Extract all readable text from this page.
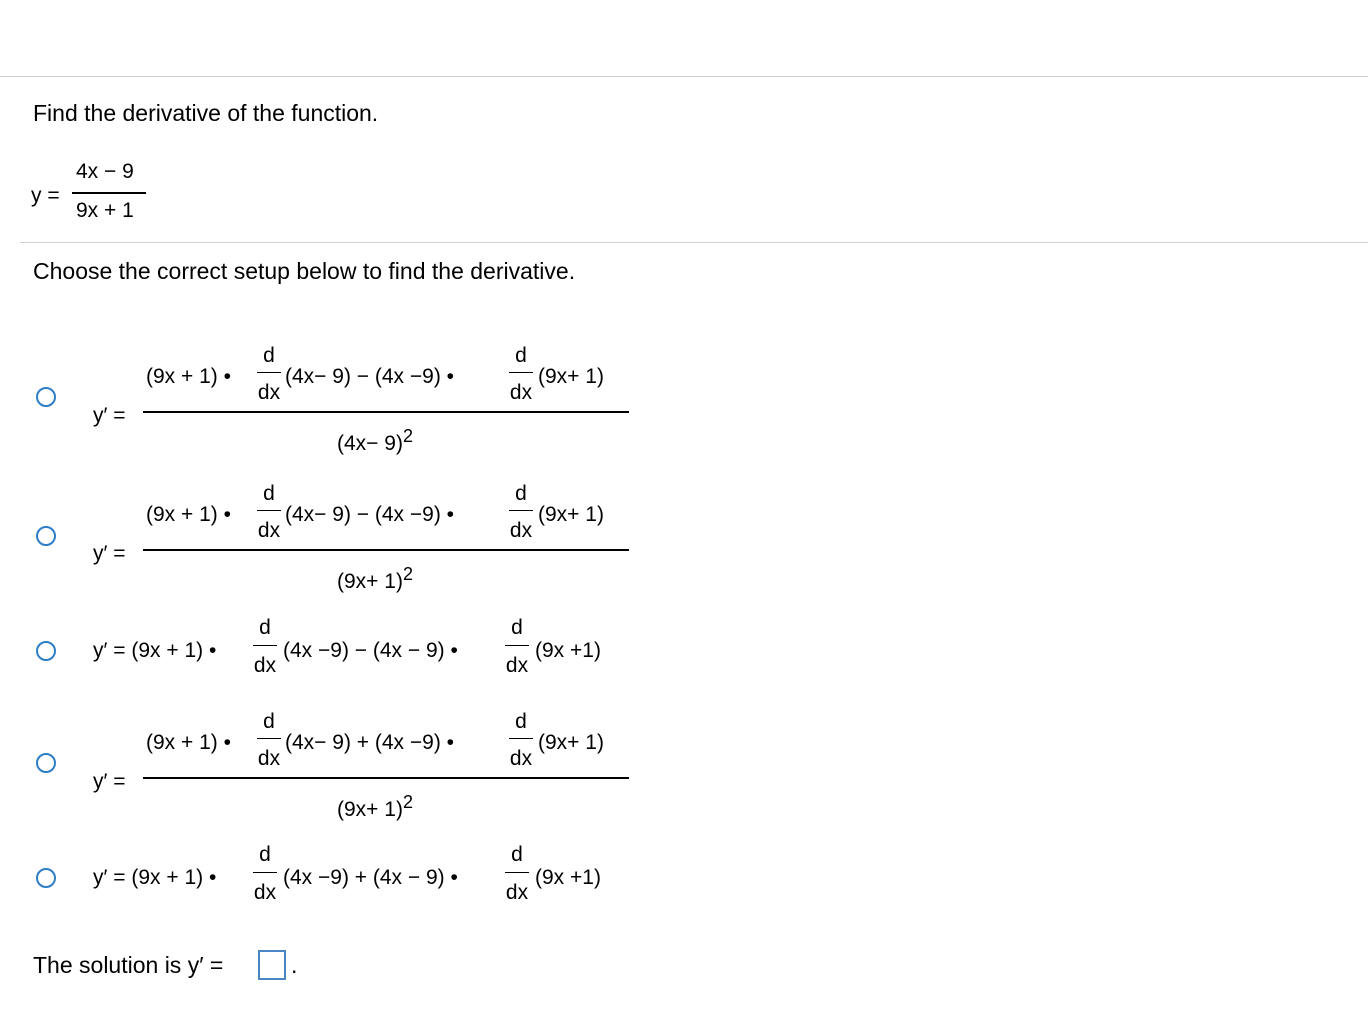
Find the derivative of the function.
y =
4x − 9
9x + 1
Choose the correct setup below to find the derivative.
y′ =
(9x + 1) •
d
dx
(4x− 9) − (4x −9) •
d
dx
(9x+ 1)
$(4x- 9)^2$
y′ =
(9x + 1) •
d
dx
(4x− 9) − (4x −9) •
d
dx
(9x+ 1)
$(9x+ 1)^2$
y′ = (9x + 1) •
d
dx
(4x −9) − (4x − 9) •
d
dx
(9x +1)
y′ =
(9x + 1) •
d
dx
(4x− 9) + (4x −9) •
d
dx
(9x+ 1)
$(9x+ 1)^2$
y′ = (9x + 1) •
d
dx
(4x −9) + (4x − 9) •
d
dx
(9x +1)
The solution is y′ =	.
